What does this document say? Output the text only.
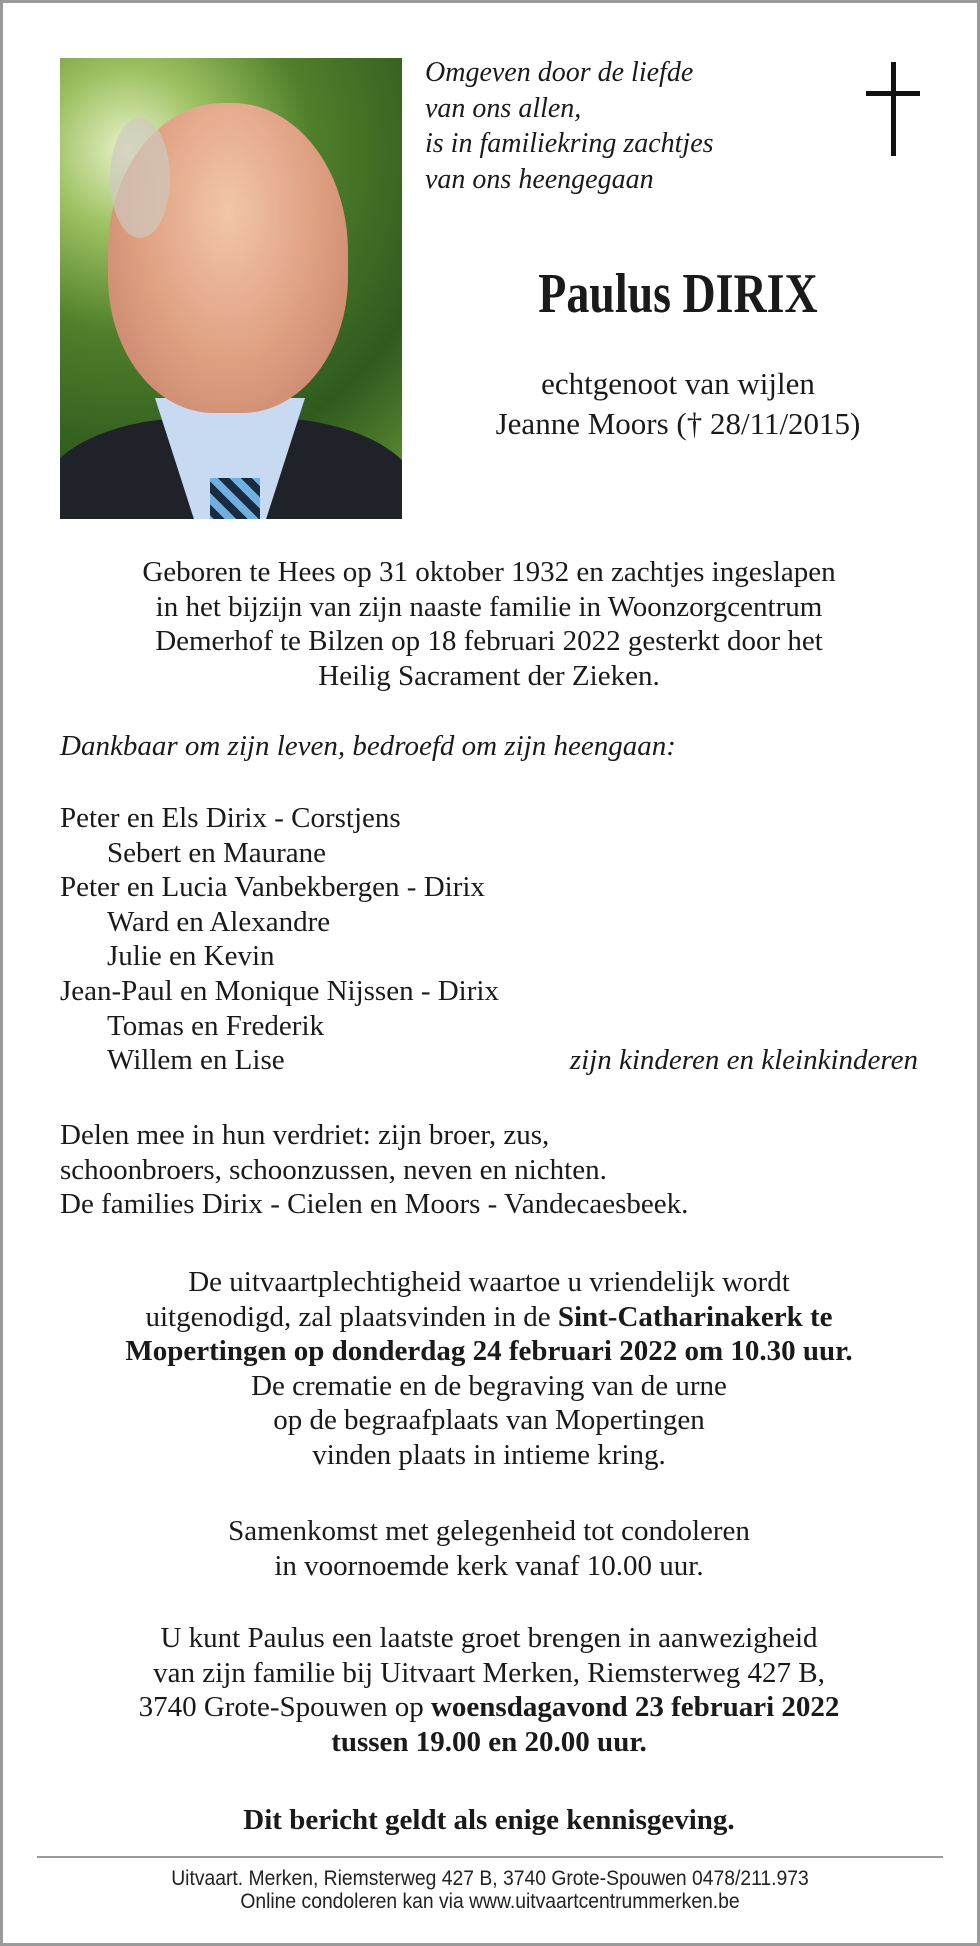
Omgeven door de liefde
van ons allen,
is in familiekring zachtjes
van ons heengegaan
Paulus DIRIX
echtgenoot van wijlen
Jeanne Moors († 28/11/2015)
Geboren te Hees op 31 oktober 1932 en zachtjes ingeslapen
in het bijzijn van zijn naaste familie in Woonzorgcentrum
Demerhof te Bilzen op 18 februari 2022 gesterkt door het
Heilig Sacrament der Zieken.
Dankbaar om zijn leven, bedroefd om zijn heengaan:
Peter en Els Dirix - Corstjens
Sebert en Maurane
Peter en Lucia Vanbekbergen - Dirix
Ward en Alexandre
Julie en Kevin
Jean-Paul en Monique Nijssen - Dirix
Tomas en Frederik
Willem en Lise	zijn kinderen en kleinkinderen
Delen mee in hun verdriet: zijn broer, zus,
schoonbroers, schoonzussen, neven en nichten.
De families Dirix - Cielen en Moors - Vandecaesbeek.
De uitvaartplechtigheid waartoe u vriendelijk wordt
uitgenodigd, zal plaatsvinden in de Sint-Catharinakerk te
Mopertingen op donderdag 24 februari 2022 om 10.30 uur.
De crematie en de begraving van de urne
op de begraafplaats van Mopertingen
vinden plaats in intieme kring.
Samenkomst met gelegenheid tot condoleren
in voornoemde kerk vanaf 10.00 uur.
U kunt Paulus een laatste groet brengen in aanwezigheid
van zijn familie bij Uitvaart Merken, Riemsterweg 427 B,
3740 Grote-Spouwen op woensdagavond 23 februari 2022
tussen 19.00 en 20.00 uur.
Dit bericht geldt als enige kennisgeving.
Uitvaart. Merken, Riemsterweg 427 B, 3740 Grote-Spouwen 0478/211.973
Online condoleren kan via www.uitvaartcentrummerken.be
